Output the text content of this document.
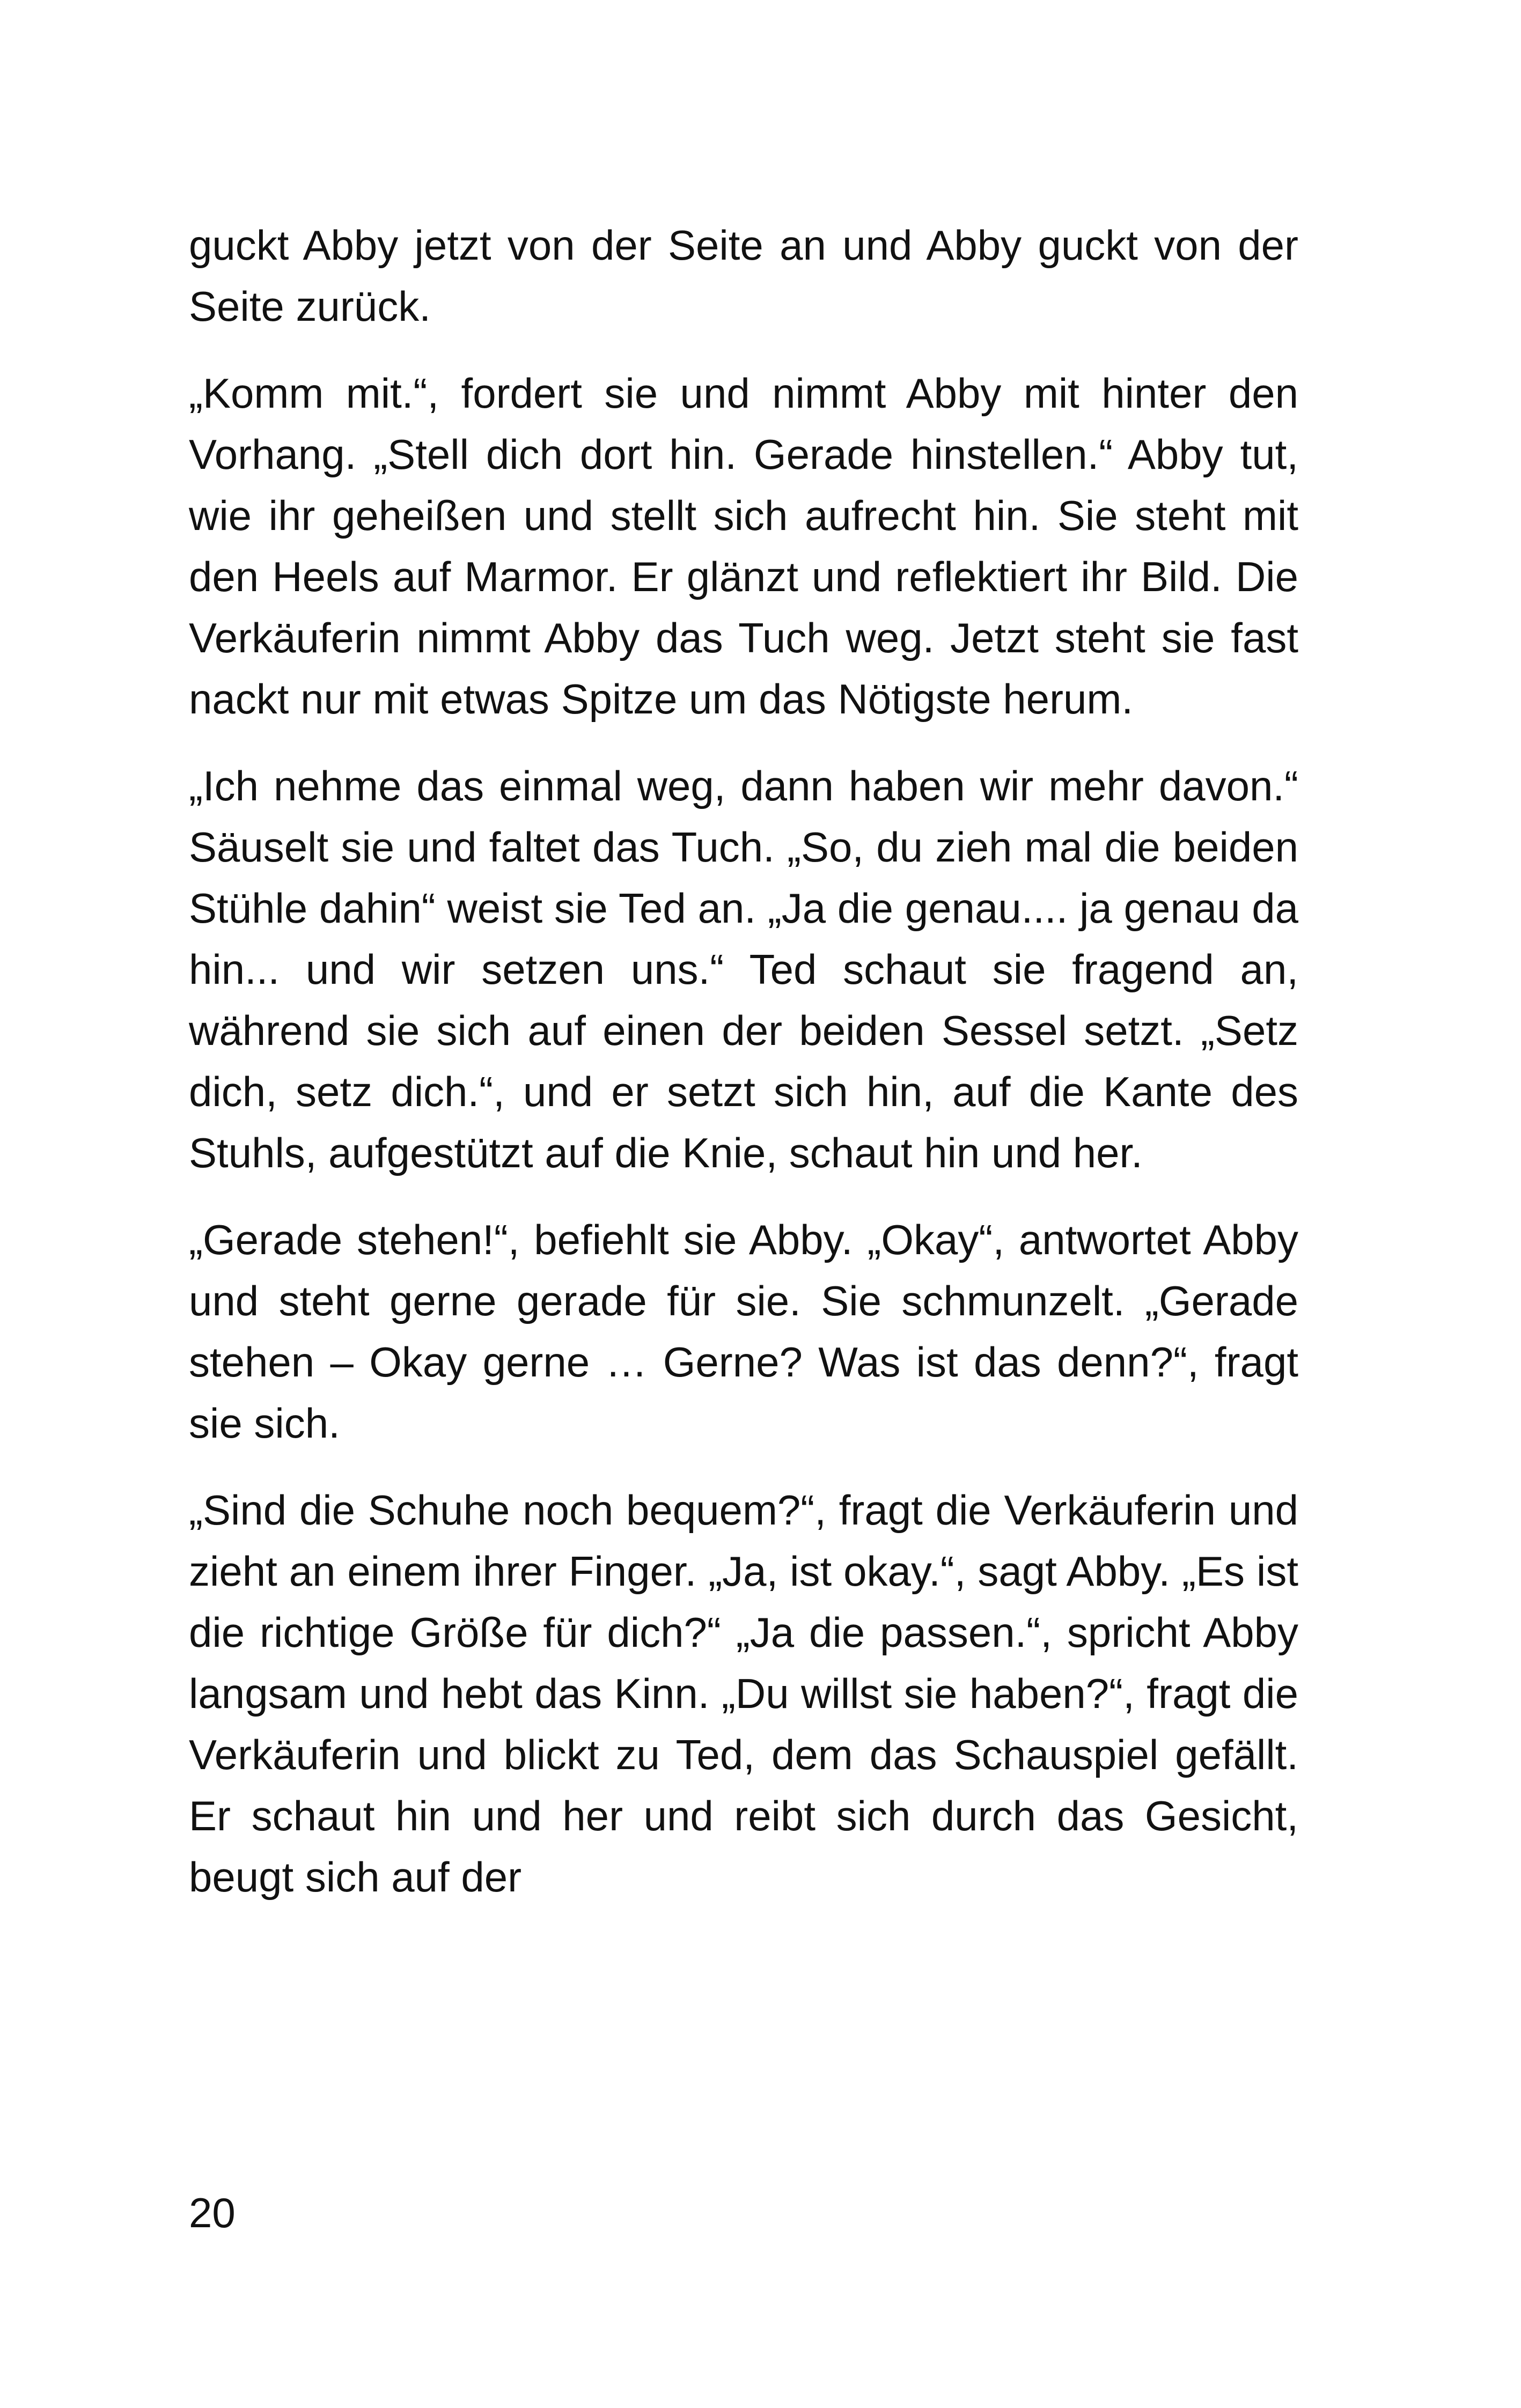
guckt Abby jetzt von der Seite an und Abby guckt von der Seite zurück.

„Komm mit.“, fordert sie und nimmt Abby mit hinter den Vorhang. „Stell dich dort hin. Gerade hinstellen.“ Abby tut, wie ihr geheißen und stellt sich aufrecht hin. Sie steht mit den Heels auf Marmor. Er glänzt und reflektiert ihr Bild. Die Verkäuferin nimmt Abby das Tuch weg. Jetzt steht sie fast nackt nur mit etwas Spitze um das Nötigste herum.

„Ich nehme das einmal weg, dann haben wir mehr davon.“ Säuselt sie und faltet das Tuch. „So, du zieh mal die beiden Stühle dahin“ weist sie Ted an. „Ja die genau.... ja genau da hin... und wir setzen uns.“ Ted schaut sie fragend an, während sie sich auf einen der beiden Sessel setzt. „Setz dich, setz dich.“, und er setzt sich hin, auf die Kante des Stuhls, aufgestützt auf die Knie, schaut hin und her.

„Gerade stehen!“, befiehlt sie Abby. „Okay“, antwortet Abby und steht gerne gerade für sie. Sie schmunzelt. „Gerade stehen – Okay gerne … Gerne? Was ist das denn?“, fragt sie sich.

„Sind die Schuhe noch bequem?“, fragt die Verkäuferin und zieht an einem ihrer Finger. „Ja, ist okay.“, sagt Abby. „Es ist die richtige Größe für dich?“ „Ja die passen.“, spricht Abby langsam und hebt das Kinn. „Du willst sie haben?“, fragt die Verkäuferin und blickt zu Ted, dem das Schauspiel gefällt. Er schaut hin und her und reibt sich durch das Gesicht, beugt sich auf der

20
